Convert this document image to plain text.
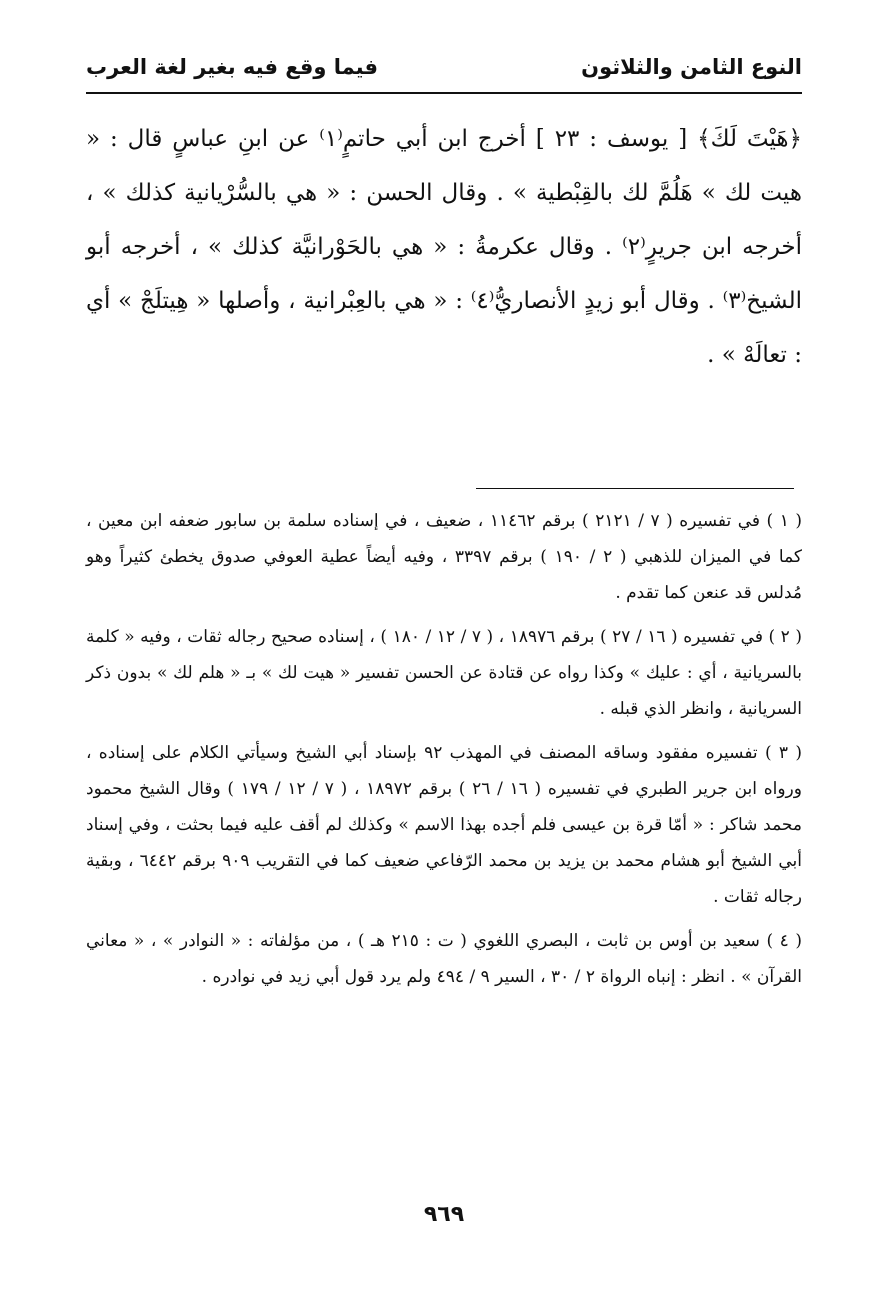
النوع الثامن والثلاثون
فيما وقع فيه بغير لغة العرب

﴿هَيْتَ لَكَ﴾ [ يوسف : ٢٣ ] أخرج ابن أبي حاتمٍ⁽١⁾ عن ابنِ عباسٍ قال : « هيت لك » هَلُمَّ لك بالقِبْطية » . وقال الحسن : « هي بالسُّرْيانية كذلك » ، أخرجه ابن جريرٍ⁽٢⁾ . وقال عكرمةُ : « هي بالحَوْرانيَّة كذلك » ، أخرجه أبو الشيخ⁽٣⁾ . وقال أبو زيدٍ الأنصاريُّ⁽٤⁾ : « هي بالعِبْرانية ، وأصلها « هِيتلَجْ » أي : تعالَهْ » .

( ١ ) في تفسيره ( ٧ / ٢١٢١ ) برقم ١١٤٦٢ ، ضعيف ، في إسناده سلمة بن سابور ضعفه ابن معين ، كما في الميزان للذهبي ( ٢ / ١٩٠ ) برقم ٣٣٩٧ ، وفيه أيضاً عطية العوفي صدوق يخطئ كثيراً وهو مُدلس قد عنعن كما تقدم .

( ٢ ) في تفسيره ( ١٦ / ٢٧ ) برقم ١٨٩٧٦ ، ( ٧ / ١٢ / ١٨٠ ) ، إسناده صحيح رجاله ثقات ، وفيه « كلمة بالسريانية ، أي : عليك » وكذا رواه عن قتادة عن الحسن تفسير « هيت لك » بـ « هلم لك » بدون ذكر السريانية ، وانظر الذي قبله .

( ٣ ) تفسيره مفقود وساقه المصنف في المهذب ٩٢ بإسناد أبي الشيخ وسيأتي الكلام على إسناده ، ورواه ابن جرير الطبري في تفسيره ( ١٦ / ٢٦ ) برقم ١٨٩٧٢ ، ( ٧ / ١٢ / ١٧٩ ) وقال الشيخ محمود محمد شاكر : « أمّا قرة بن عيسى فلم أجده بهذا الاسم » وكذلك لم أقف عليه فيما بحثت ، وفي إسناد أبي الشيخ أبو هشام محمد بن يزيد بن محمد الرّفاعي ضعيف كما في التقريب ٩٠٩ برقم ٦٤٤٢ ، وبقية رجاله ثقات .

( ٤ ) سعيد بن أوس بن ثابت ، البصري اللغوي ( ت : ٢١٥ هـ ) ، من مؤلفاته : « النوادر » ، « معاني القرآن » . انظر : إنباه الرواة ٢ / ٣٠ ، السير ٩ / ٤٩٤ ولم يرد قول أبي زيد في نوادره .

٩٦٩
